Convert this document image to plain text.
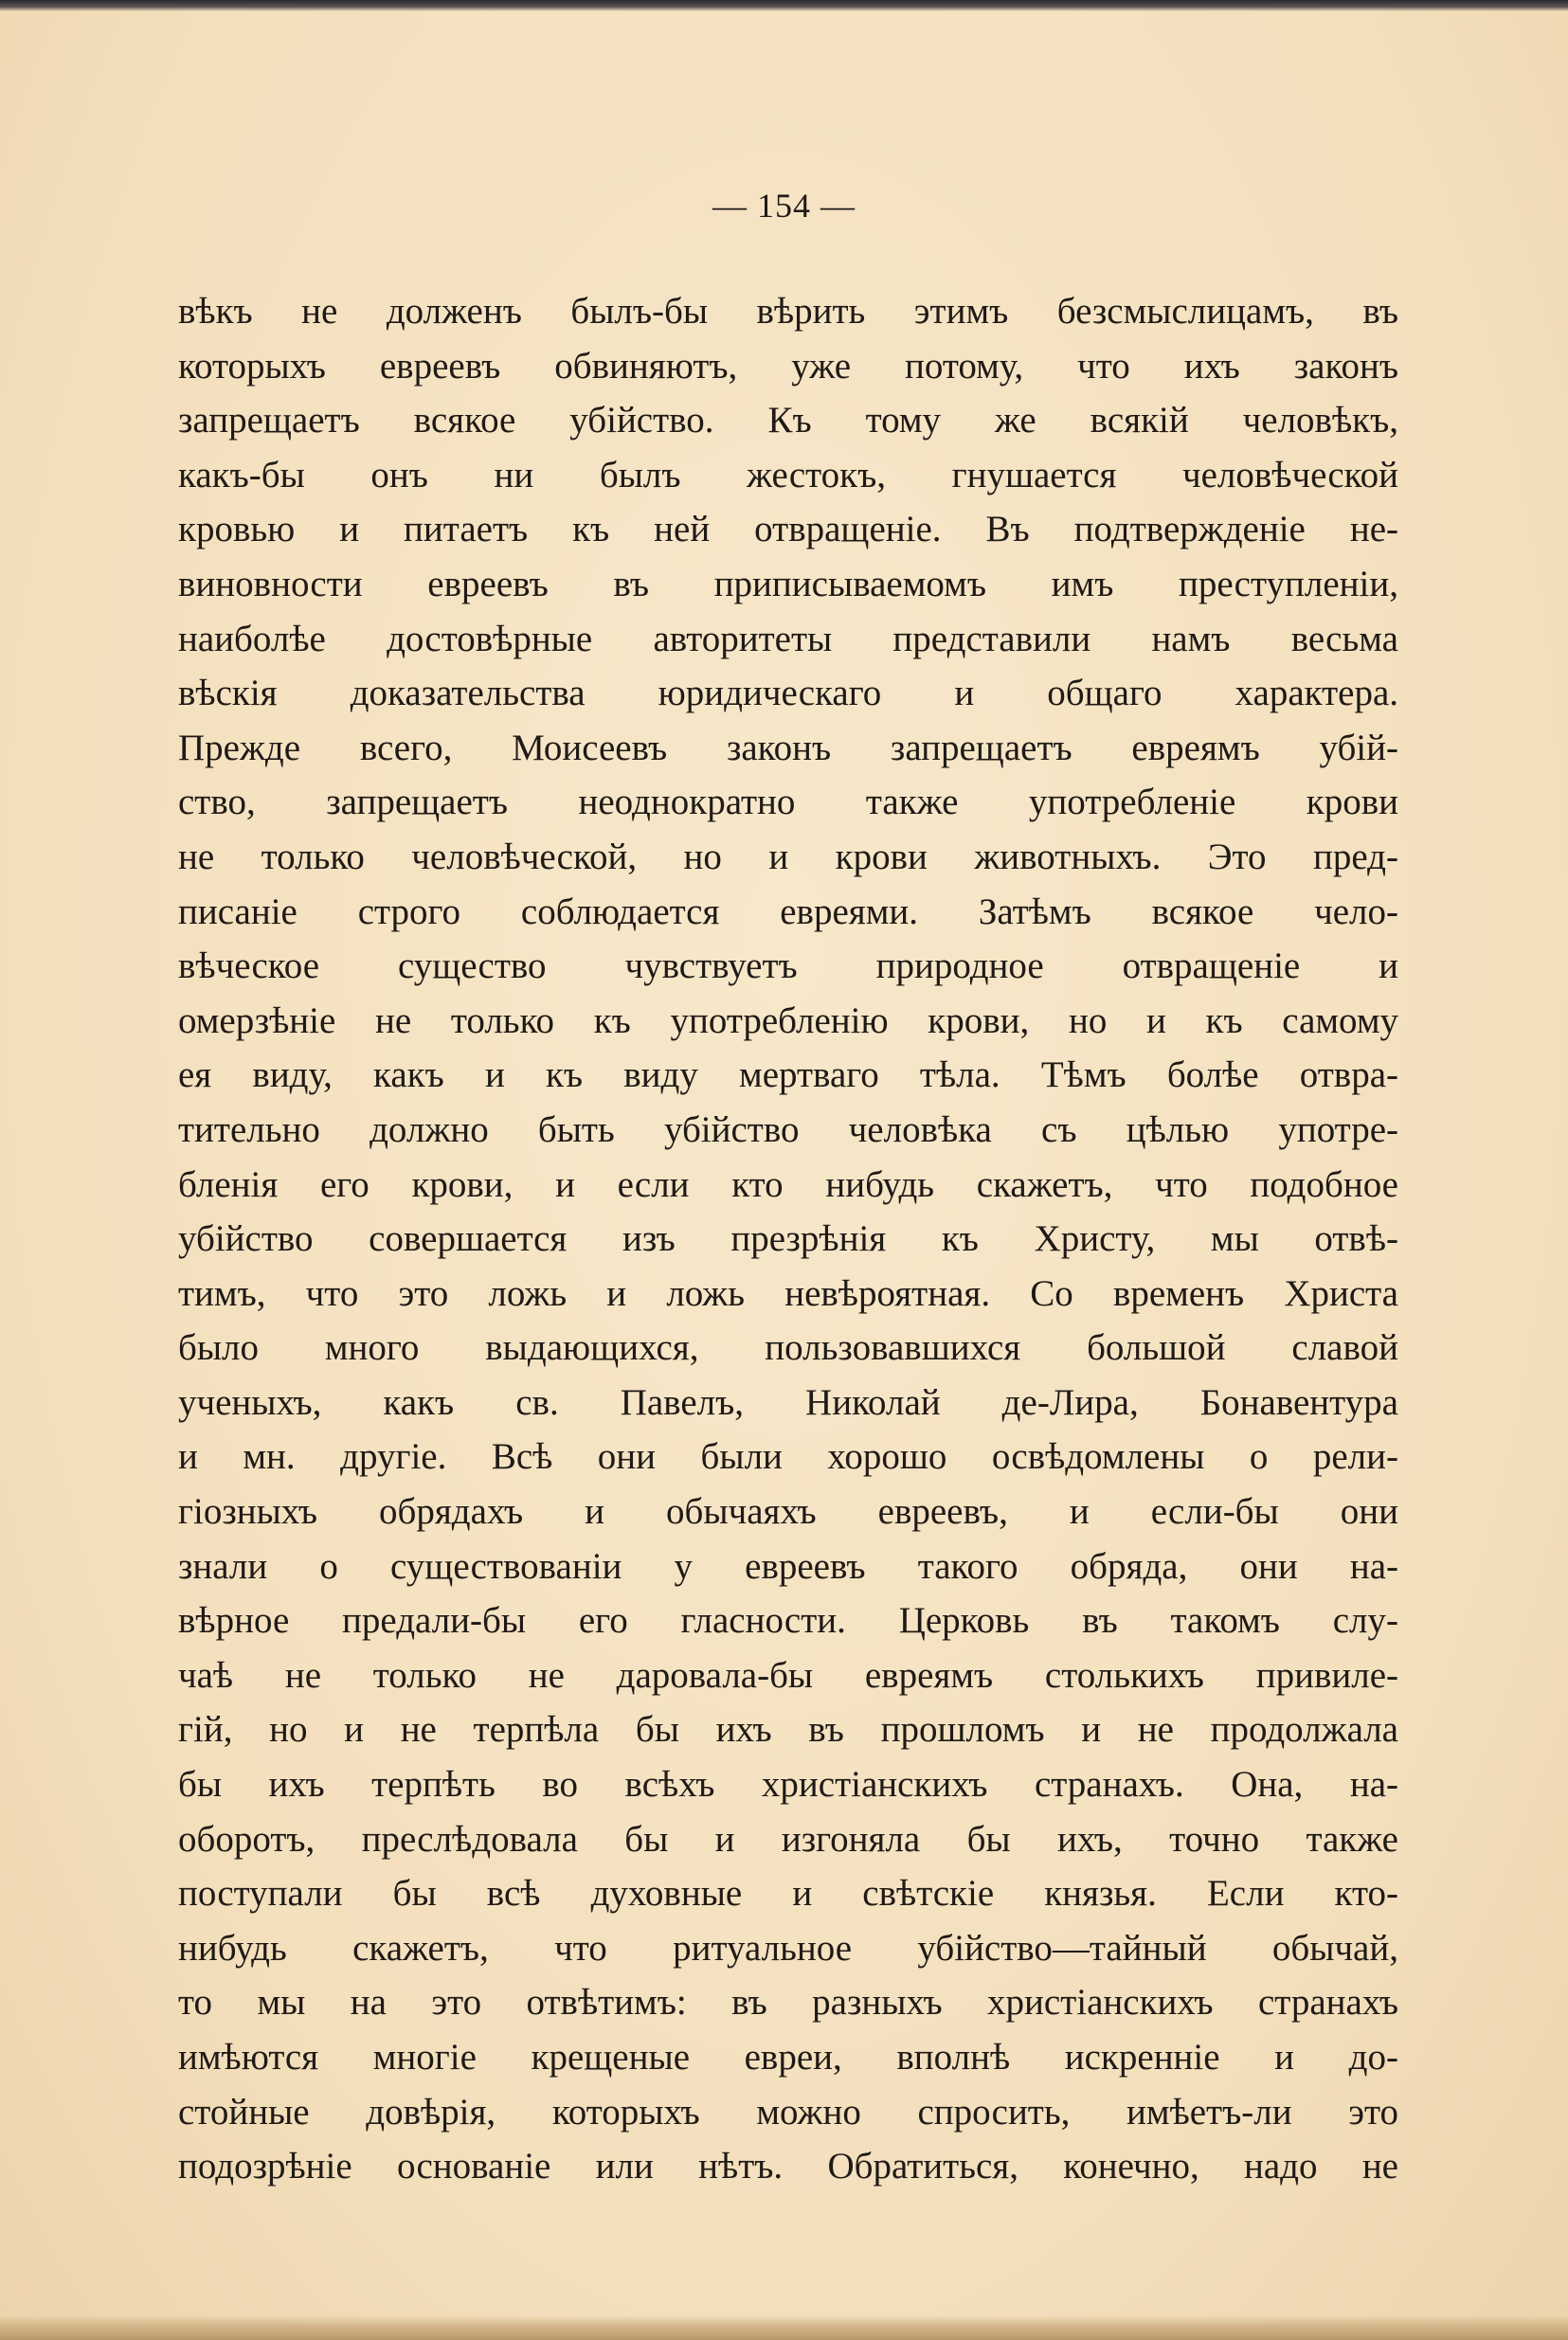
— 154 —
вѣкъ не долженъ былъ-бы вѣрить этимъ безсмыслицамъ, въ
которыхъ евреевъ обвиняютъ, уже потому, что ихъ законъ
запрещаетъ всякое убійство. Къ тому же всякій человѣкъ,
какъ-бы онъ ни былъ жестокъ, гнушается человѣческой
кровью и питаетъ къ ней отвращеніе. Въ подтвержденіе не-
виновности евреевъ въ приписываемомъ имъ преступленіи,
наиболѣе достовѣрные авторитеты представили намъ весьма
вѣскія доказательства юридическаго и общаго характера.
Прежде всего, Моисеевъ законъ запрещаетъ евреямъ убій-
ство, запрещаетъ неоднократно также употребленіе крови
не только человѣческой, но и крови животныхъ. Это пред-
писаніе строго соблюдается евреями. Затѣмъ всякое чело-
вѣческое существо чувствуетъ природное отвращеніе и
омерзѣніе не только къ употребленію крови, но и къ самому
ея виду, какъ и къ виду мертваго тѣла. Тѣмъ болѣе отвра-
тительно должно быть убійство человѣка съ цѣлью употре-
бленія его крови, и если кто нибудь скажетъ, что подобное
убійство совершается изъ презрѣнія къ Христу, мы отвѣ-
тимъ, что это ложь и ложь невѣроятная. Со временъ Христа
было много выдающихся, пользовавшихся большой славой
ученыхъ, какъ св. Павелъ, Николай де-Лира, Бонавентура
и мн. другіе. Всѣ они были хорошо освѣдомлены о рели-
гіозныхъ обрядахъ и обычаяхъ евреевъ, и если-бы они
знали о существованіи у евреевъ такого обряда, они на-
вѣрное предали-бы его гласности. Церковь въ такомъ слу-
чаѣ не только не даровала-бы евреямъ столькихъ привиле-
гій, но и не терпѣла бы ихъ въ прошломъ и не продолжала
бы ихъ терпѣть во всѣхъ христіанскихъ странахъ. Она, на-
оборотъ, преслѣдовала бы и изгоняла бы ихъ, точно также
поступали бы всѣ духовные и свѣтскіе князья. Если кто-
нибудь скажетъ, что ритуальное убійство—тайный обычай,
то мы на это отвѣтимъ: въ разныхъ христіанскихъ странахъ
имѣются многіе крещеные евреи, вполнѣ искренніе и до-
стойные довѣрія, которыхъ можно спросить, имѣетъ-ли это
подозрѣніе основаніе или нѣтъ. Обратиться, конечно, надо не
